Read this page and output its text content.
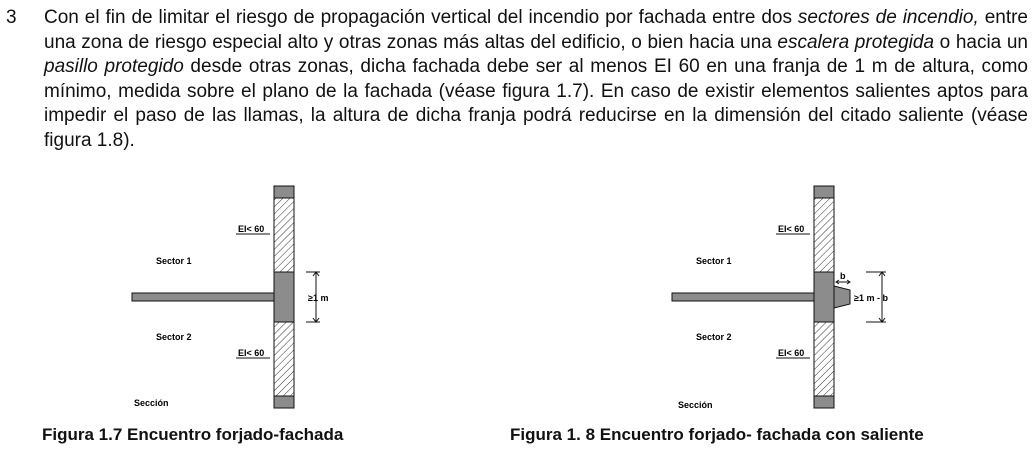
3 Con el fin de limitar el riesgo de propagación vertical del incendio por fachada entre dos sectores de incendio, entre una zona de riesgo especial alto y otras zonas más altas del edificio, o bien hacia una escalera protegida o hacia un pasillo protegido desde otras zonas, dicha fachada debe ser al menos EI 60 en una franja de 1 m de altura, como mínimo, medida sobre el plano de la fachada (véase figura 1.7). En caso de existir elementos salientes aptos para impedir el paso de las llamas, la altura de dicha franja podrá reducirse en la dimensión del citado saliente (véase figura 1.8).
EI< 60
Sector 1
≥1 m
Sector 2
EI< 60
Sección
Figura 1.7 Encuentro forjado-fachada
EI< 60
Sector 1
b
≥1 m - b
Sector 2
EI< 60
Sección
Figura 1. 8 Encuentro forjado- fachada con saliente
